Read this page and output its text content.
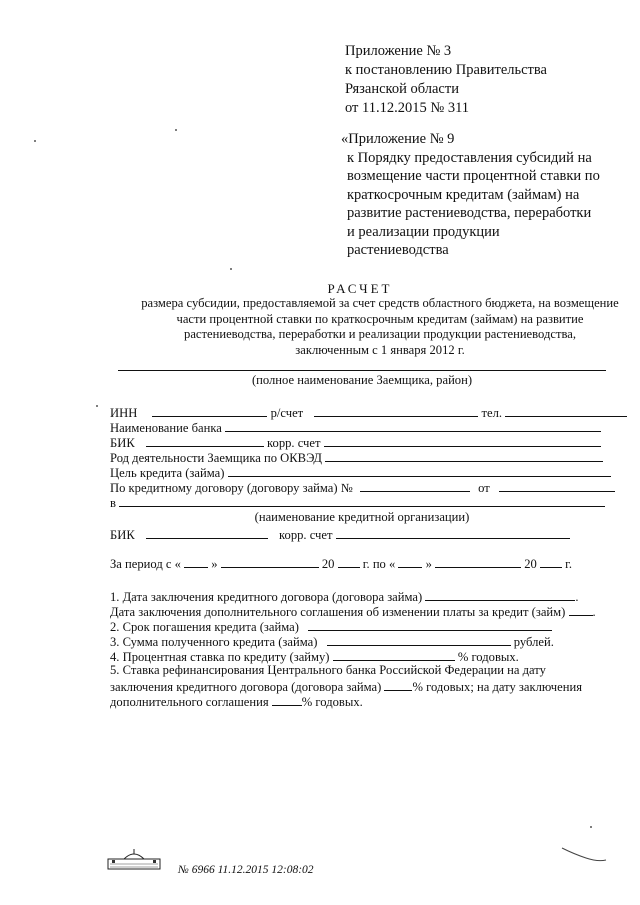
Приложение № 3
к постановлению Правительства
Рязанской области
от 11.12.2015 № 311
«Приложение № 9
к Порядку предоставления субсидий на
возмещение части процентной ставки по
краткосрочным кредитам (займам) на
развитие растениеводства, переработки
и реализации продукции
растениеводства
РАСЧЕТ
размера субсидии, предоставляемой за счет средств областного бюджета, на возмещение
части процентной ставки по краткосрочным кредитам (займам) на развитие
растениеводства, переработки и реализации продукции растениеводства,
заключенным с 1 января 2012 г.
(полное наименование Заемщика, район)
ИНН	р/счет	тел.
Наименование банка
БИК	корр. счет
Род деятельности Заемщика по ОКВЭД
Цель кредита (займа)
По кредитному договору (договору займа) №	от
в
(наименование кредитной организации)
БИК	корр. счет
За период с « »	20 г. по « »	20 г.
1. Дата заключения кредитного договора (договора займа)	.
Дата заключения дополнительного соглашения об изменении платы за кредит (займ) .
2. Срок погашения кредита (займа)
3. Сумма полученного кредита (займа)	рублей.
4. Процентная ставка по кредиту (займу)	% годовых.
5. Ставка рефинансирования Центрального банка Российской Федерации на дату
заключения кредитного договора (договора займа) % годовых; на дату заключения
дополнительного соглашения	% годовых.
№ 6966 11.12.2015 12:08:02
